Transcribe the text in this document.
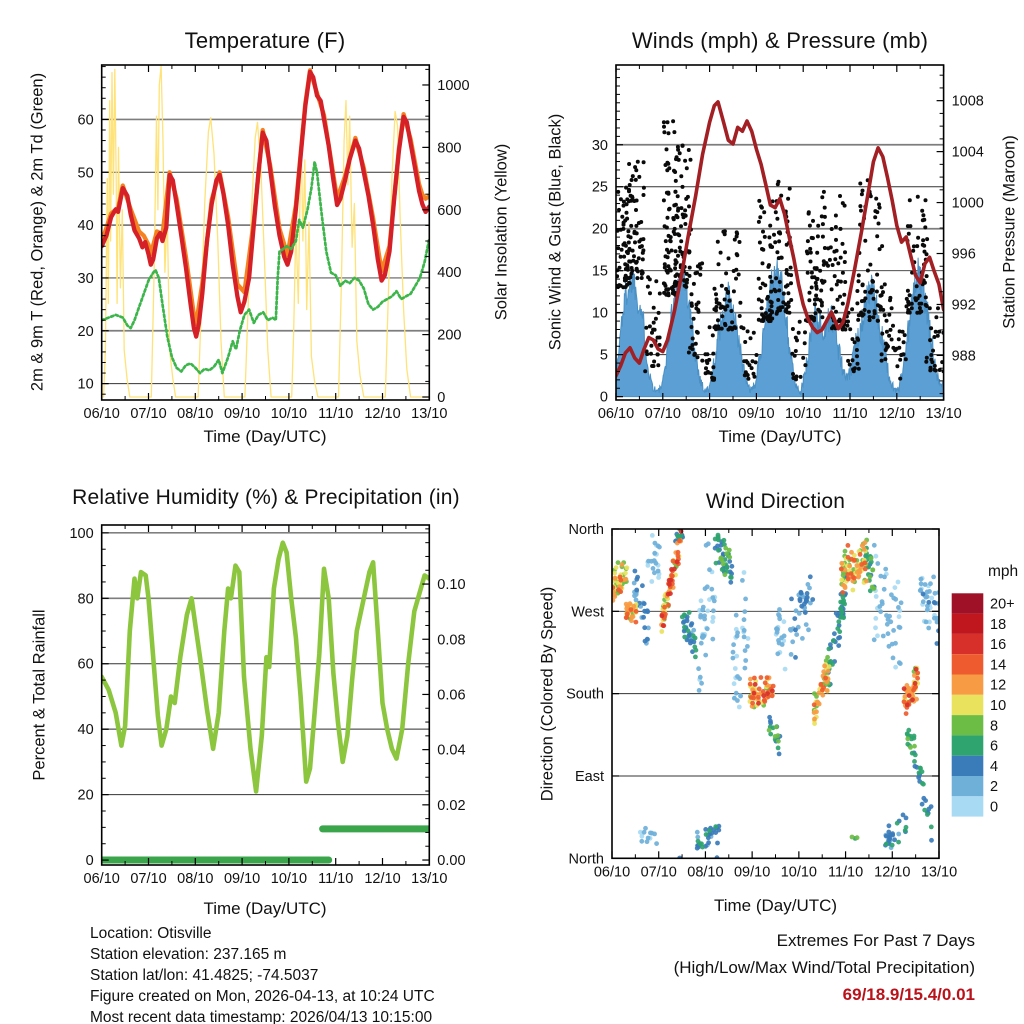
06/10 07/10 08/10 09/10 10/10 11/10 12/10 13/10
10
20
30
40
50
60
0
200
400
600
800
1000
06/10 07/10 08/10 09/10 10/10 11/10 12/10 13/10
0
5
10
15
20
25
30
988
992
996
1000
1004
1008
06/10 07/10 08/10 09/10 10/10 11/10 12/10 13/10
0
20
40
60
80
100
0.00
0.02
0.04
0.06
0.08
0.10
06/10 07/10 08/10 09/10 10/10 11/10 12/10 13/10
North
East
South
West
North
20+
18
16
14
12
10
8
6
4
2
0
Temperature (F)	Winds (mph) & Pressure (mb)
Relative Humidity (%) & Precipitation (in)	Wind Direction
2m & 9m T (Red, Orange) & 2m Td (Green)	Solar Insolation (Yellow) Sonic Wind & Gust (Blue, Black)	Station Pressure (Maroon)
Percent & Total Rainfall	Direction (Colored By Speed)
Time (Day/UTC)	Time (Day/UTC)
Time (Day/UTC)	Time (Day/UTC)
mph
Location: Otisville
Station elevation: 237.165 m
Station lat/lon: 41.4825; -74.5037
Figure created on Mon, 2026-04-13, at 10:24 UTC
Most recent data timestamp: 2026/04/13 10:15:00
Extremes For Past 7 Days
(High/Low/Max Wind/Total Precipitation)
69/18.9/15.4/0.01
